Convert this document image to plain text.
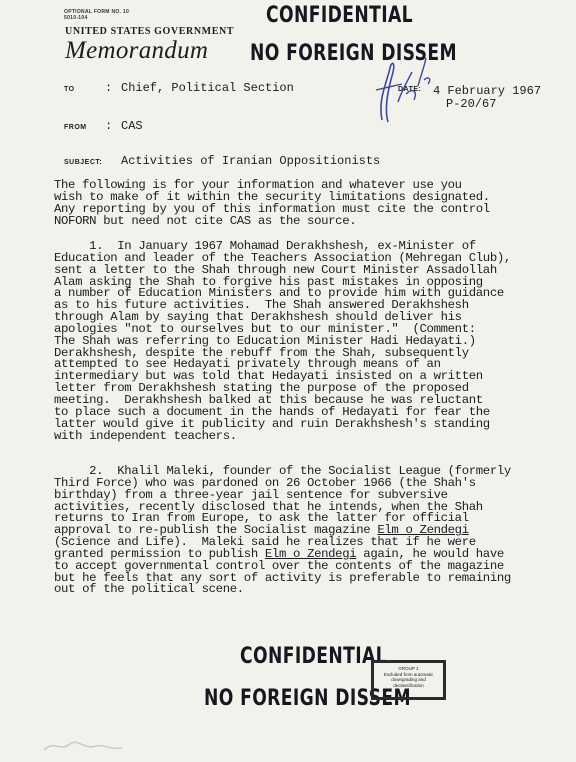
OPTIONAL FORM NO. 10
5010-104
UNITED STATES GOVERNMENT
Memorandum
CONFIDENTIAL
NO FOREIGN DISSEM
TO	: Chief, Political Section	DATE: 4 February 1967
P-20/67
FROM : CAS
SUBJECT: Activities of Iranian Oppositionists
The following is for your information and whatever use you
wish to make of it within the security limitations designated.
Any reporting by you of this information must cite the control
NOFORN but need not cite CAS as the source.
1.  In January 1967 Mohamad Derakhshesh, ex-Minister of
Education and leader of the Teachers Association (Mehregan Club),
sent a letter to the Shah through new Court Minister Assadollah
Alam asking the Shah to forgive his past mistakes in opposing
a number of Education Ministers and to provide him with guidance
as to his future activities.  The Shah answered Derakhshesh
through Alam by saying that Derakhshesh should deliver his
apologies "not to ourselves but to our minister."  (Comment:
The Shah was referring to Education Minister Hadi Hedayati.)
Derakhshesh, despite the rebuff from the Shah, subsequently
attempted to see Hedayati privately through means of an
intermediary but was told that Hedayati insisted on a written
letter from Derakhshesh stating the purpose of the proposed
meeting.  Derakhshesh balked at this because he was reluctant
to place such a document in the hands of Hedayati for fear the
latter would give it publicity and ruin Derakhshesh's standing
with independent teachers.
2.  Khalil Maleki, founder of the Socialist League (formerly
Third Force) who was pardoned on 26 October 1966 (the Shah's
birthday) from a three-year jail sentence for subversive
activities, recently disclosed that he intends, when the Shah
returns to Iran from Europe, to ask the latter for official
approval to re-publish the Socialist magazine Elm o Zendegi
(Science and Life).  Maleki said he realizes that if he were
granted permission to publish Elm o Zendegi again, he would have
to accept governmental control over the contents of the magazine
but he feels that any sort of activity is preferable to remaining
out of the political scene.
CONFIDENTIAL
NO FOREIGN DISSEM
GROUP 1
Excluded from automatic
downgrading and
declassification
